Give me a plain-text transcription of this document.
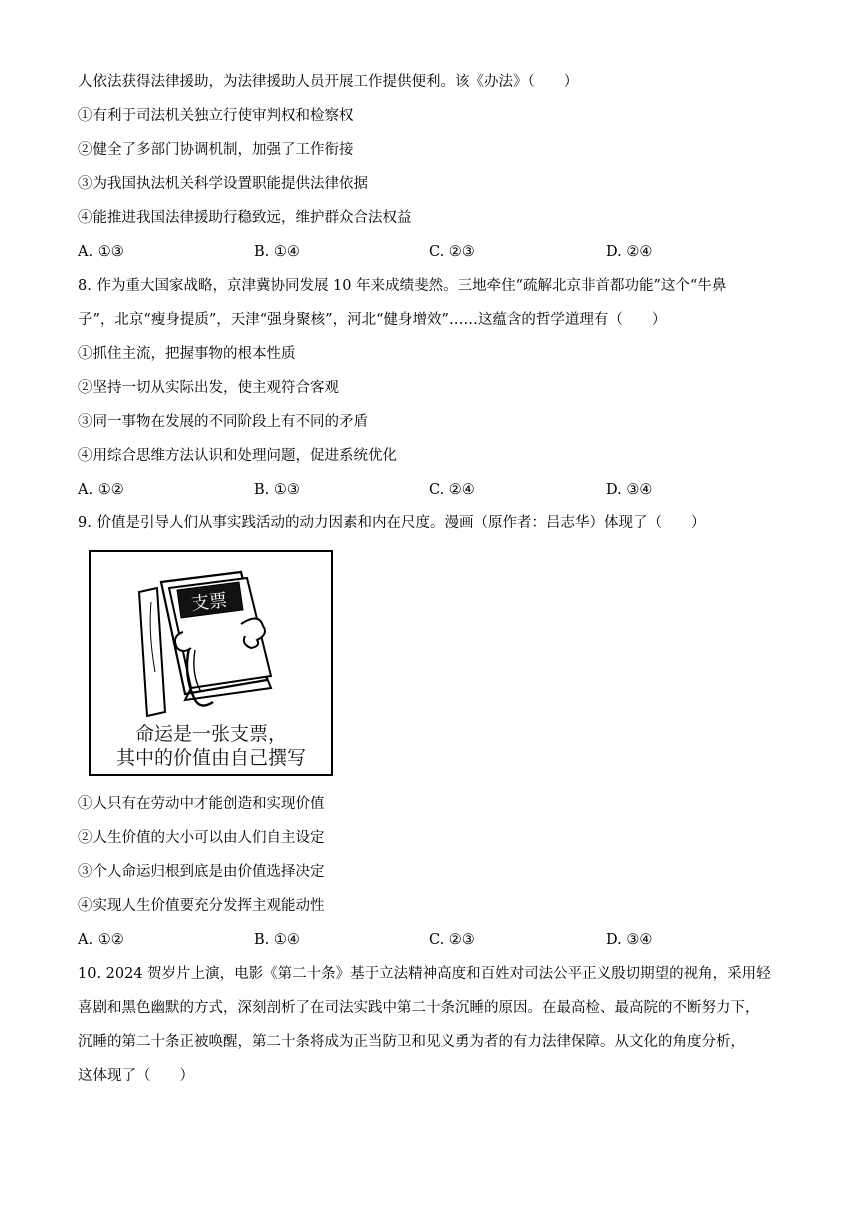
人依法获得法律援助，为法律援助人员开展工作提供便利。该《办法》（　　）
①有利于司法机关独立行使审判权和检察权
②健全了多部门协调机制，加强了工作衔接
③为我国执法机关科学设置职能提供法律依据
④能推进我国法律援助行稳致远，维护群众合法权益
A. ①③	B. ①④	C. ②③	D. ②④
8. 作为重大国家战略，京津冀协同发展 10 年来成绩斐然。三地牵住“疏解北京非首都功能”这个“牛鼻
子”，北京“瘦身提质”，天津“强身聚核”，河北“健身增效”……这蕴含的哲学道理有（　　）
①抓住主流，把握事物的根本性质
②坚持一切从实际出发，使主观符合客观
③同一事物在发展的不同阶段上有不同的矛盾
④用综合思维方法认识和处理问题，促进系统优化
A. ①②	B. ①③	C. ②④	D. ③④
9. 价值是引导人们从事实践活动的动力因素和内在尺度。漫画（原作者：吕志华）体现了（　　）
支票
命运是一张支票，
其中的价值由自己撰写
①人只有在劳动中才能创造和实现价值
②人生价值的大小可以由人们自主设定
③个人命运归根到底是由价值选择决定
④实现人生价值要充分发挥主观能动性
A. ①②	B. ①④	C. ②③	D. ③④
10. 2024 贺岁片上演，电影《第二十条》基于立法精神高度和百姓对司法公平正义殷切期望的视角，采用轻
喜剧和黑色幽默的方式，深刻剖析了在司法实践中第二十条沉睡的原因。在最高检、最高院的不断努力下，
沉睡的第二十条正被唤醒，第二十条将成为正当防卫和见义勇为者的有力法律保障。从文化的角度分析，
这体现了（　　）
